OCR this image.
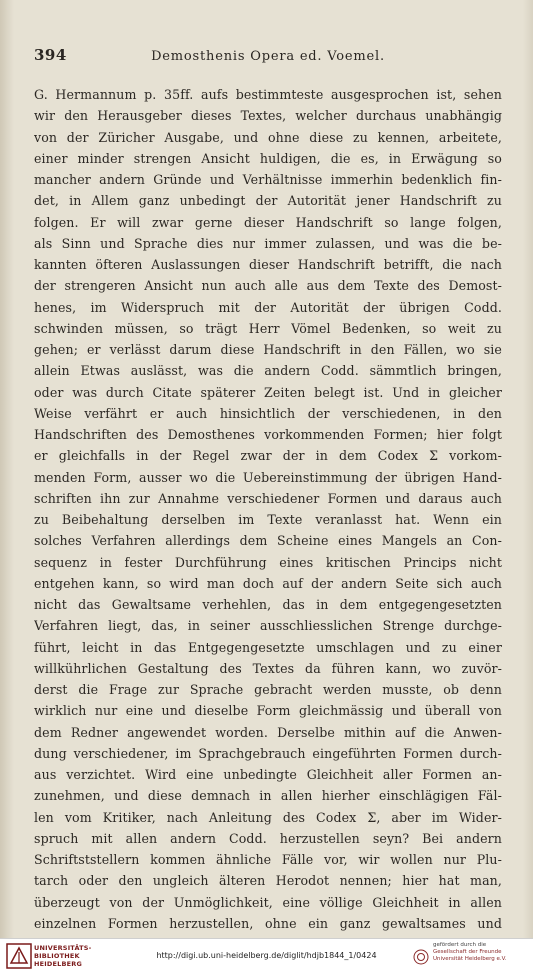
394	Demosthenis Opera ed. Voemel.
G. Hermannum p. 35ff. aufs bestimmteste ausgesprochen ist, sehen
wir den Herausgeber dieses Textes, welcher durchaus unabhängig
von der Züricher Ausgabe, und ohne diese zu kennen, arbeitete,
einer minder strengen Ansicht huldigen, die es, in Erwägung so
mancher andern Gründe und Verhältnisse immerhin bedenklich fin-
det, in Allem ganz unbedingt der Autorität jener Handschrift zu
folgen. Er will zwar gerne dieser Handschrift so lange folgen,
als Sinn und Sprache dies nur immer zulassen, und was die be-
kannten öfteren Auslassungen dieser Handschrift betrifft, die nach
der strengeren Ansicht nun auch alle aus dem Texte des Demost-
henes, im Widerspruch mit der Autorität der übrigen Codd.
schwinden müssen, so trägt Herr Vömel Bedenken, so weit zu
gehen; er verlässt darum diese Handschrift in den Fällen, wo sie
allein Etwas auslässt, was die andern Codd. sämmtlich bringen,
oder was durch Citate späterer Zeiten belegt ist. Und in gleicher
Weise verfährt er auch hinsichtlich der verschiedenen, in den
Handschriften des Demosthenes vorkommenden Formen; hier folgt
er gleichfalls in der Regel zwar der in dem Codex Σ vorkom-
menden Form, ausser wo die Uebereinstimmung der übrigen Hand-
schriften ihn zur Annahme verschiedener Formen und daraus auch
zu Beibehaltung derselben im Texte veranlasst hat. Wenn ein
solches Verfahren allerdings dem Scheine eines Mangels an Con-
sequenz in fester Durchführung eines kritischen Princips nicht
entgehen kann, so wird man doch auf der andern Seite sich auch
nicht das Gewaltsame verhehlen, das in dem entgegengesetzten
Verfahren liegt, das, in seiner ausschliesslichen Strenge durchge-
führt, leicht in das Entgegengesetzte umschlagen und zu einer
willkührlichen Gestaltung des Textes da führen kann, wo zuvör-
derst die Frage zur Sprache gebracht werden musste, ob denn
wirklich nur eine und dieselbe Form gleichmässig und überall von
dem Redner angewendet worden. Derselbe mithin auf die Anwen-
dung verschiedener, im Sprachgebrauch eingeführten Formen durch-
aus verzichtet. Wird eine unbedingte Gleichheit aller Formen an-
zunehmen, und diese demnach in allen hierher einschlägigen Fäl-
len vom Kritiker, nach Anleitung des Codex Σ, aber im Wider-
spruch mit allen andern Codd. herzustellen seyn? Bei andern
Schriftststellern kommen ähnliche Fälle vor, wir wollen nur Plu-
tarch oder den ungleich älteren Herodot nennen; hier hat man,
überzeugt von der Unmöglichkeit, eine völlige Gleichheit in allen
einzelnen Formen herzustellen, ohne ein ganz gewaltsames und
UNIVERSITÄTS-
BIBLIOTHEK
HEIDELBERG
http://digi.ub.uni-heidelberg.de/diglit/hdjb1844_1/0424
gefördert durch die
Gesellschaft der Freunde
Universität Heidelberg e.V.
